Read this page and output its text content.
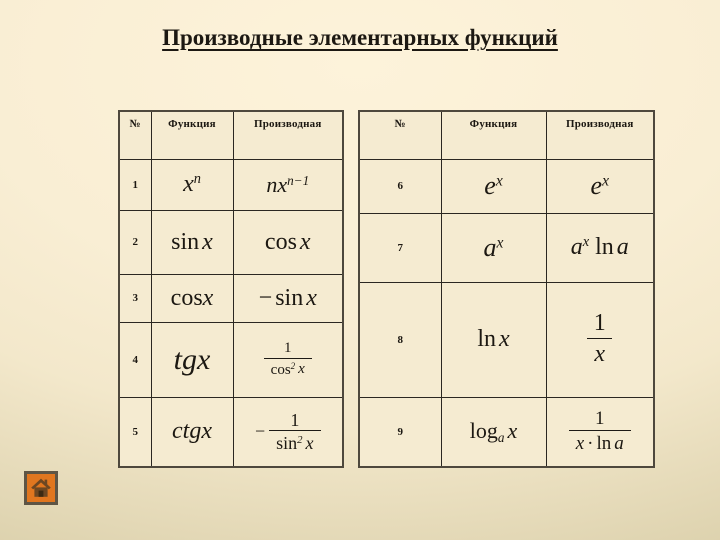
Производные элементарных функций
№	Функция	Производная
1	$x^n$	$nx^{n-1}$
2	sin x	cos x
3	cosx	− sin x
4	tgx	$\frac{1}{\cos^2 x}$

5	ctgx	− $\frac{1}{\sin^2 x}$
№	Функция	Производная
6	$e^x$	$e^x$
7	$a^x$	$a^x$ ln a
8	ln x	$\frac{1}{x}$

9	$\log_a x$	$\frac{1}{\text{x · ln a}}$
